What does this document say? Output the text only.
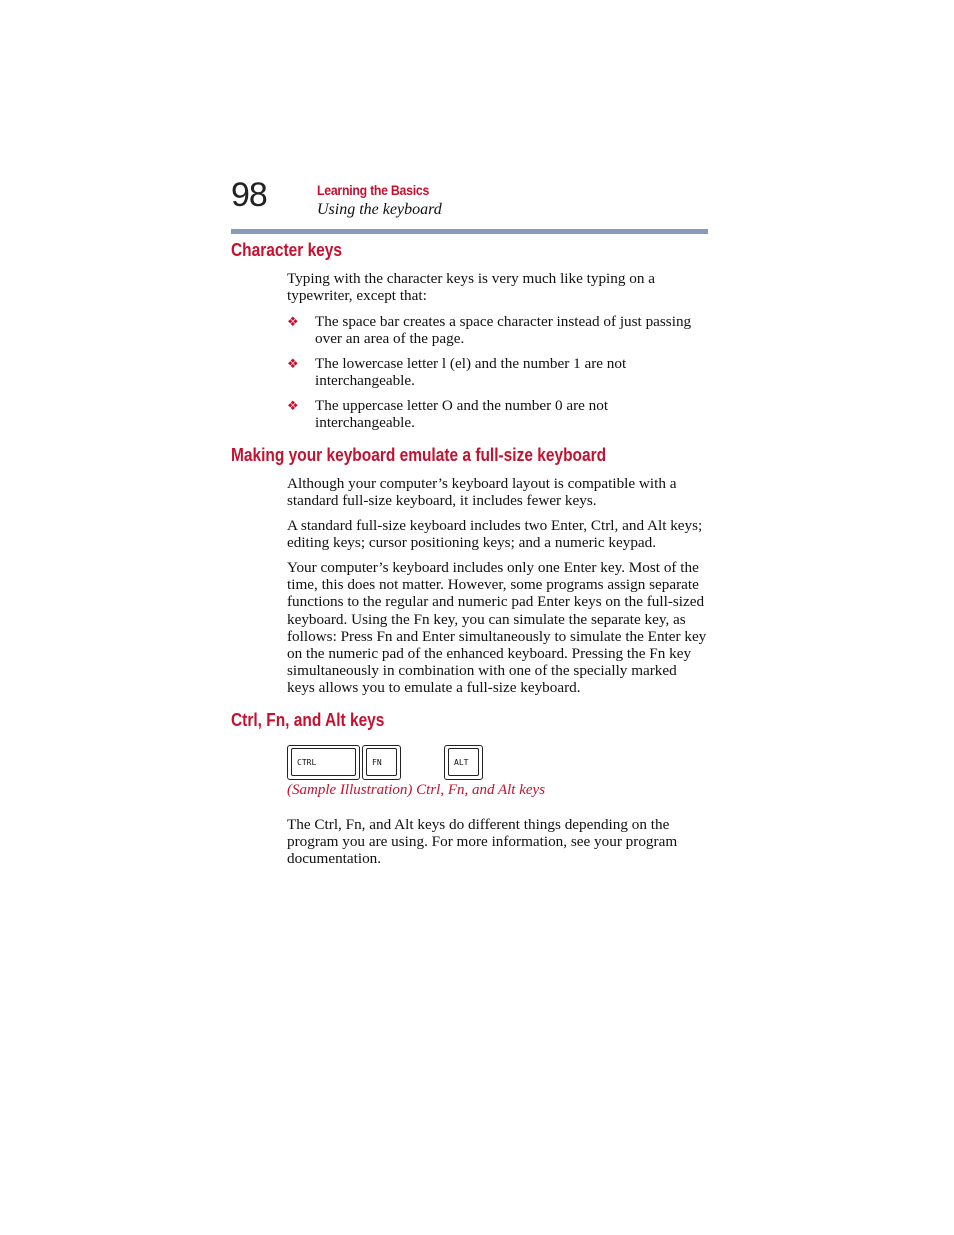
98	Learning the Basics
Using the keyboard
Character keys

Typing with the character keys is very much like typing on a typewriter, except that:

❖ The space bar creates a space character instead of just passing over an area of the page.
❖ The lowercase letter l (el) and the number 1 are not interchangeable.
❖ The uppercase letter O and the number 0 are not interchangeable.
Making your keyboard emulate a full-size keyboard

Although your computer’s keyboard layout is compatible with a standard full-size keyboard, it includes fewer keys.

A standard full-size keyboard includes two Enter, Ctrl, and Alt keys; editing keys; cursor positioning keys; and a numeric keypad.

Your computer’s keyboard includes only one Enter key. Most of the time, this does not matter. However, some programs assign separate functions to the regular and numeric pad Enter keys on the full-sized keyboard. Using the Fn key, you can simulate the separate key, as follows: Press Fn and Enter simultaneously to simulate the Enter key on the numeric pad of the enhanced keyboard. Pressing the Fn key simultaneously in combination with one of the specially marked keys allows you to emulate a full-size keyboard.

Ctrl, Fn, and Alt keys
CTRL	FN	ALT
(Sample Illustration) Ctrl, Fn, and Alt keys

The Ctrl, Fn, and Alt keys do different things depending on the program you are using. For more information, see your program documentation.
